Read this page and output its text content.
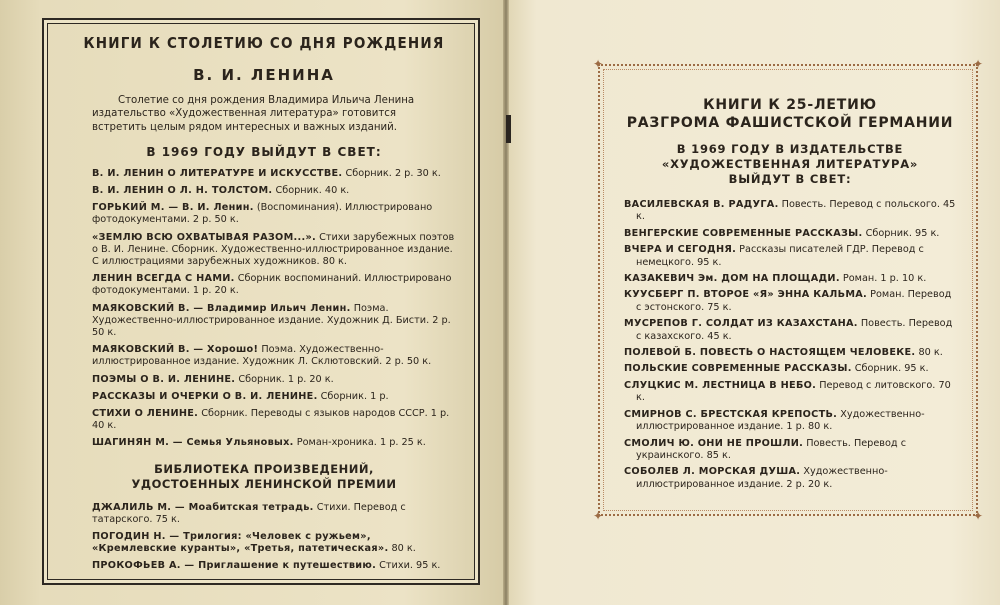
КНИГИ К СТОЛЕТИЮ СО ДНЯ РОЖДЕНИЯ

В. И. ЛЕНИНА

Столетие со дня рождения Владимира Ильича Ленина издательство «Художественная литература» готовится встретить целым рядом интересных и важных изданий.

В 1969 ГОДУ ВЫЙДУТ В СВЕТ:

В. И. ЛЕНИН О ЛИТЕРАТУРЕ И ИСКУССТВЕ. Сборник. 2 р. 30 к.

В. И. ЛЕНИН О Л. Н. ТОЛСТОМ. Сборник. 40 к.

ГОРЬКИЙ М. — В. И. Ленин. (Воспоминания). Иллюстрировано фотодокументами. 2 р. 50 к.

«ЗЕМЛЮ ВСЮ ОХВАТЫВАЯ РАЗОМ...». Стихи зарубежных поэтов о В. И. Ленине. Сборник. Художественно-иллюстрированное издание. С иллюстрациями зарубежных художников. 80 к.

ЛЕНИН ВСЕГДА С НАМИ. Сборник воспоминаний. Иллюстрировано фотодокументами. 1 р. 20 к.

МАЯКОВСКИЙ В. — Владимир Ильич Ленин. Поэма. Художественно-иллюстрированное издание. Художник Д. Бисти. 2 р. 50 к.

МАЯКОВСКИЙ В. — Хорошо! Поэма. Художественно-иллюстрированное издание. Художник Л. Склютовский. 2 р. 50 к.

ПОЭМЫ О В. И. ЛЕНИНЕ. Сборник. 1 р. 20 к.

РАССКАЗЫ И ОЧЕРКИ О В. И. ЛЕНИНЕ. Сборник. 1 р.

СТИХИ О ЛЕНИНЕ. Сборник. Переводы с языков народов СССР. 1 р. 40 к.

ШАГИНЯН М. — Семья Ульяновых. Роман-хроника. 1 р. 25 к.

БИБЛИОТЕКА ПРОИЗВЕДЕНИЙ,
УДОСТОЕННЫХ ЛЕНИНСКОЙ ПРЕМИИ

ДЖАЛИЛЬ М. — Моабитская тетрадь. Стихи. Перевод с татарского. 75 к.

ПОГОДИН Н. — Трилогия: «Человек с ружьем», «Кремлевские куранты», «Третья, патетическая». 80 к.

ПРОКОФЬЕВ А. — Приглашение к путешествию. Стихи. 95 к.

✦	✦
✦	✦

КНИГИ К 25-ЛЕТИЮ
РАЗГРОМА ФАШИСТСКОЙ ГЕРМАНИИ

В 1969 ГОДУ В ИЗДАТЕЛЬСТВЕ
«ХУДОЖЕСТВЕННАЯ ЛИТЕРАТУРА»
ВЫЙДУТ В СВЕТ:

ВАСИЛЕВСКАЯ В. РАДУГА. Повесть. Перевод с польского. 45 к.

ВЕНГЕРСКИЕ СОВРЕМЕННЫЕ РАССКАЗЫ. Сборник. 95 к.

ВЧЕРА И СЕГОДНЯ. Рассказы писателей ГДР. Перевод с немецкого. 95 к.

КАЗАКЕВИЧ Эм. ДОМ НА ПЛОЩАДИ. Роман. 1 р. 10 к.

КУУСБЕРГ П. ВТОРОЕ «Я» ЭННА КАЛЬМА. Роман. Перевод с эстонского. 75 к.

МУСРЕПОВ Г. СОЛДАТ ИЗ КАЗАХСТАНА. Повесть. Перевод с казахского. 45 к.

ПОЛЕВОЙ Б. ПОВЕСТЬ О НАСТОЯЩЕМ ЧЕЛОВЕКЕ. 80 к.

ПОЛЬСКИЕ СОВРЕМЕННЫЕ РАССКАЗЫ. Сборник. 95 к.

СЛУЦКИС М. ЛЕСТНИЦА В НЕБО. Перевод с литовского. 70 к.

СМИРНОВ С. БРЕСТСКАЯ КРЕПОСТЬ. Художественно-иллюстрированное издание. 1 р. 80 к.

СМОЛИЧ Ю. ОНИ НЕ ПРОШЛИ. Повесть. Перевод с украинского. 85 к.

СОБОЛЕВ Л. МОРСКАЯ ДУША. Художественно-иллюстрированное издание. 2 р. 20 к.
